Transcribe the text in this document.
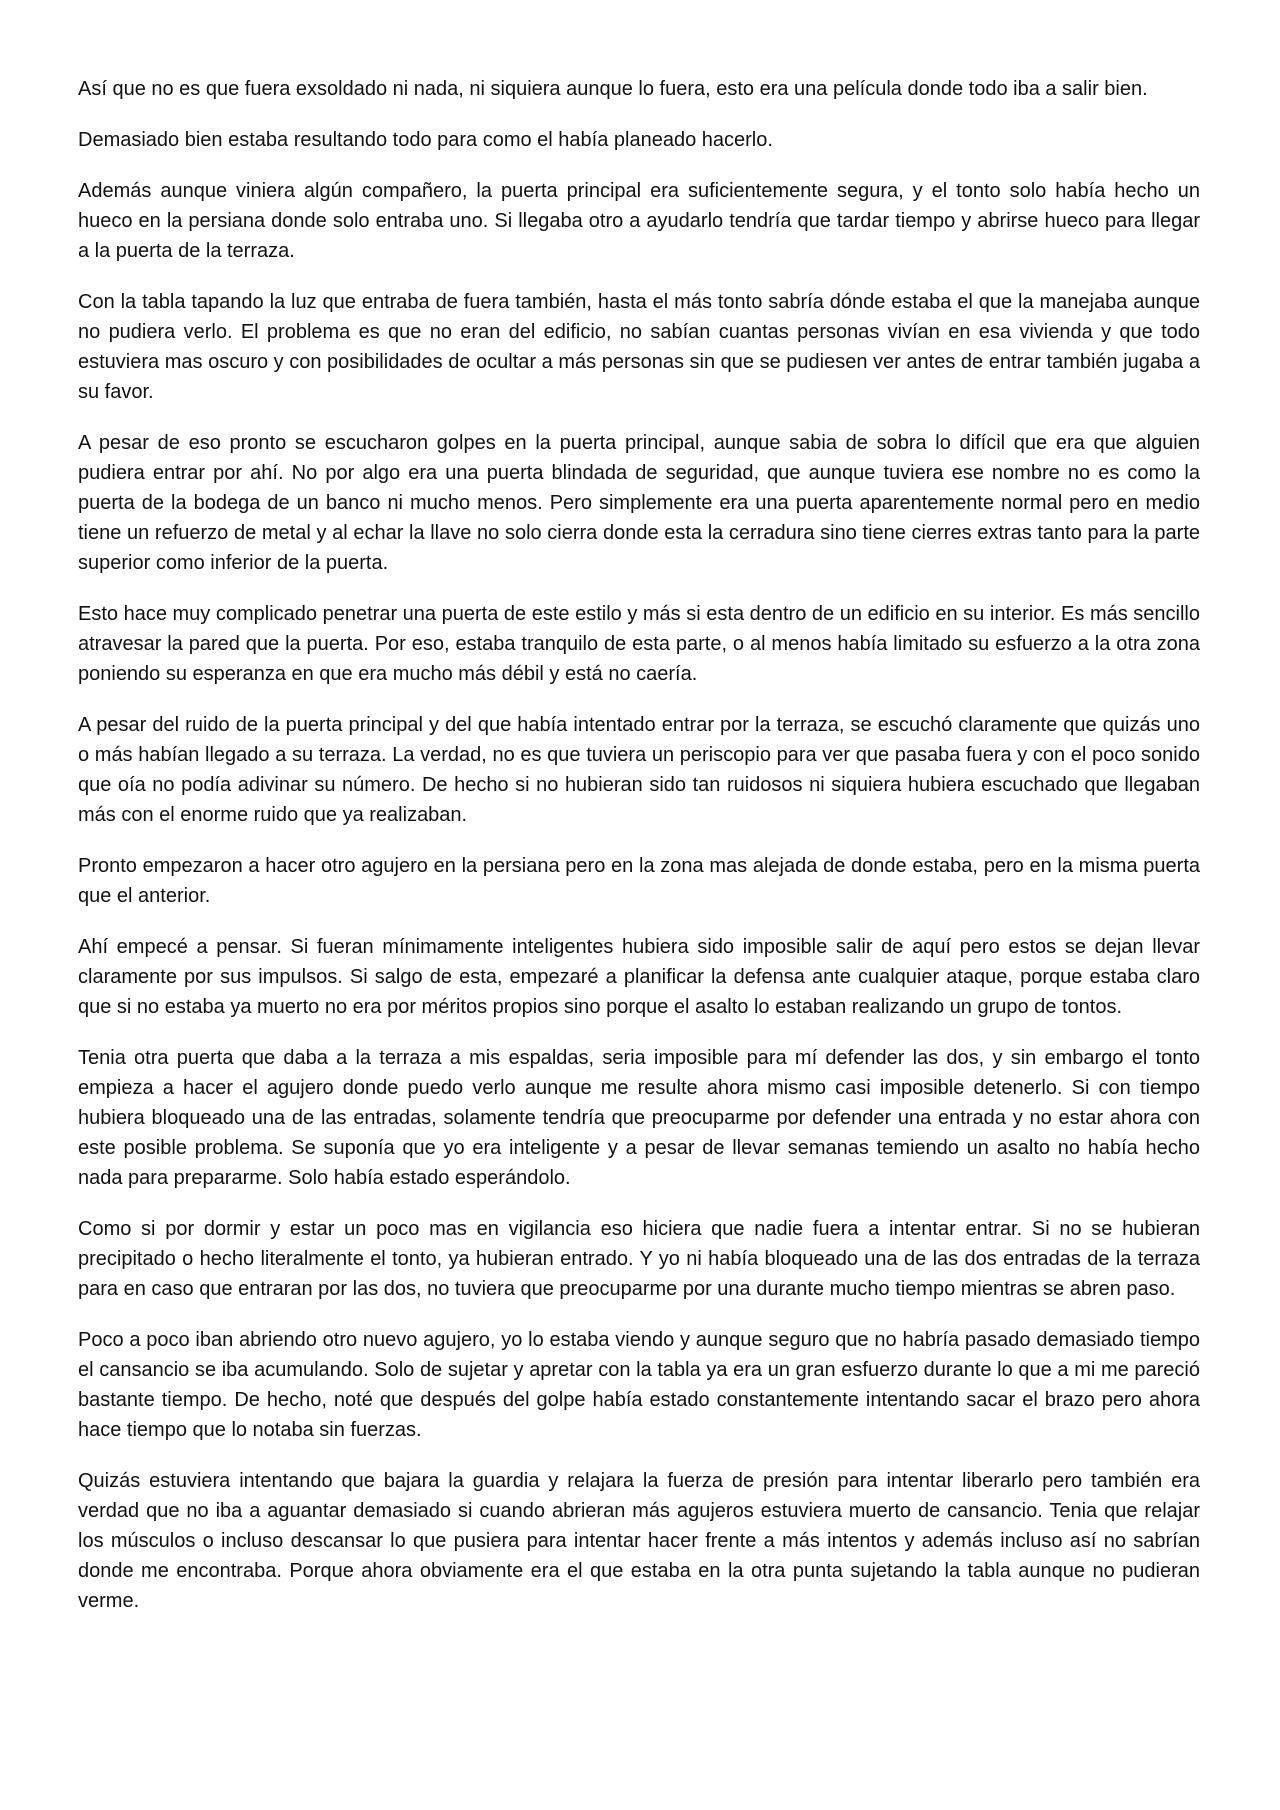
Así que no es que fuera exsoldado ni nada, ni siquiera aunque lo fuera, esto era una película donde todo iba a salir bien.

Demasiado bien estaba resultando todo para como el había planeado hacerlo.

Además aunque viniera algún compañero, la puerta principal era suficientemente segura, y el tonto solo había hecho un hueco en la persiana donde solo entraba uno. Si llegaba otro a ayudarlo tendría que tardar tiempo y abrirse hueco para llegar a la puerta de la terraza.

Con la tabla tapando la luz que entraba de fuera también, hasta el más tonto sabría dónde estaba el que la manejaba aunque no pudiera verlo. El problema es que no eran del edificio, no sabían cuantas personas vivían en esa vivienda y que todo estuviera mas oscuro y con posibilidades de ocultar a más personas sin que se pudiesen ver antes de entrar también jugaba a su favor.

A pesar de eso pronto se escucharon golpes en la puerta principal, aunque sabia de sobra lo difícil que era que alguien pudiera entrar por ahí. No por algo era una puerta blindada de seguridad, que aunque tuviera ese nombre no es como la puerta de la bodega de un banco ni mucho menos. Pero simplemente era una puerta aparentemente normal pero en medio tiene un refuerzo de metal y al echar la llave no solo cierra donde esta la cerradura sino tiene cierres extras tanto para la parte superior como inferior de la puerta.

Esto hace muy complicado penetrar una puerta de este estilo y más si esta dentro de un edificio en su interior. Es más sencillo atravesar la pared que la puerta. Por eso, estaba tranquilo de esta parte, o al menos había limitado su esfuerzo a la otra zona poniendo su esperanza en que era mucho más débil y está no caería.

A pesar del ruido de la puerta principal y del que había intentado entrar por la terraza, se escuchó claramente que quizás uno o más habían llegado a su terraza. La verdad, no es que tuviera un periscopio para ver que pasaba fuera y con el poco sonido que oía no podía adivinar su número. De hecho si no hubieran sido tan ruidosos ni siquiera hubiera escuchado que llegaban más con el enorme ruido que ya realizaban.

Pronto empezaron a hacer otro agujero en la persiana pero en la zona mas alejada de donde estaba, pero en la misma puerta que el anterior.

Ahí empecé a pensar. Si fueran mínimamente inteligentes hubiera sido imposible salir de aquí pero estos se dejan llevar claramente por sus impulsos. Si salgo de esta, empezaré a planificar la defensa ante cualquier ataque, porque estaba claro que si no estaba ya muerto no era por méritos propios sino porque el asalto lo estaban realizando un grupo de tontos.

Tenia otra puerta que daba a la terraza a mis espaldas, seria imposible para mí defender las dos, y sin embargo el tonto empieza a hacer el agujero donde puedo verlo aunque me resulte ahora mismo casi imposible detenerlo. Si con tiempo hubiera bloqueado una de las entradas, solamente tendría que preocuparme por defender una entrada y no estar ahora con este posible problema. Se suponía que yo era inteligente y a pesar de llevar semanas temiendo un asalto no había hecho nada para prepararme. Solo había estado esperándolo.

Como si por dormir y estar un poco mas en vigilancia eso hiciera que nadie fuera a intentar entrar. Si no se hubieran precipitado o hecho literalmente el tonto, ya hubieran entrado. Y yo ni había bloqueado una de las dos entradas de la terraza para en caso que entraran por las dos, no tuviera que preocuparme por una durante mucho tiempo mientras se abren paso.

Poco a poco iban abriendo otro nuevo agujero, yo lo estaba viendo y aunque seguro que no habría pasado demasiado tiempo el cansancio se iba acumulando. Solo de sujetar y apretar con la tabla ya era un gran esfuerzo durante lo que a mi me pareció bastante tiempo. De hecho, noté que después del golpe había estado constantemente intentando sacar el brazo pero ahora hace tiempo que lo notaba sin fuerzas.

Quizás estuviera intentando que bajara la guardia y relajara la fuerza de presión para intentar liberarlo pero también era verdad que no iba a aguantar demasiado si cuando abrieran más agujeros estuviera muerto de cansancio. Tenia que relajar los músculos o incluso descansar lo que pusiera para intentar hacer frente a más intentos y además incluso así no sabrían donde me encontraba. Porque ahora obviamente era el que estaba en la otra punta sujetando la tabla aunque no pudieran verme.
